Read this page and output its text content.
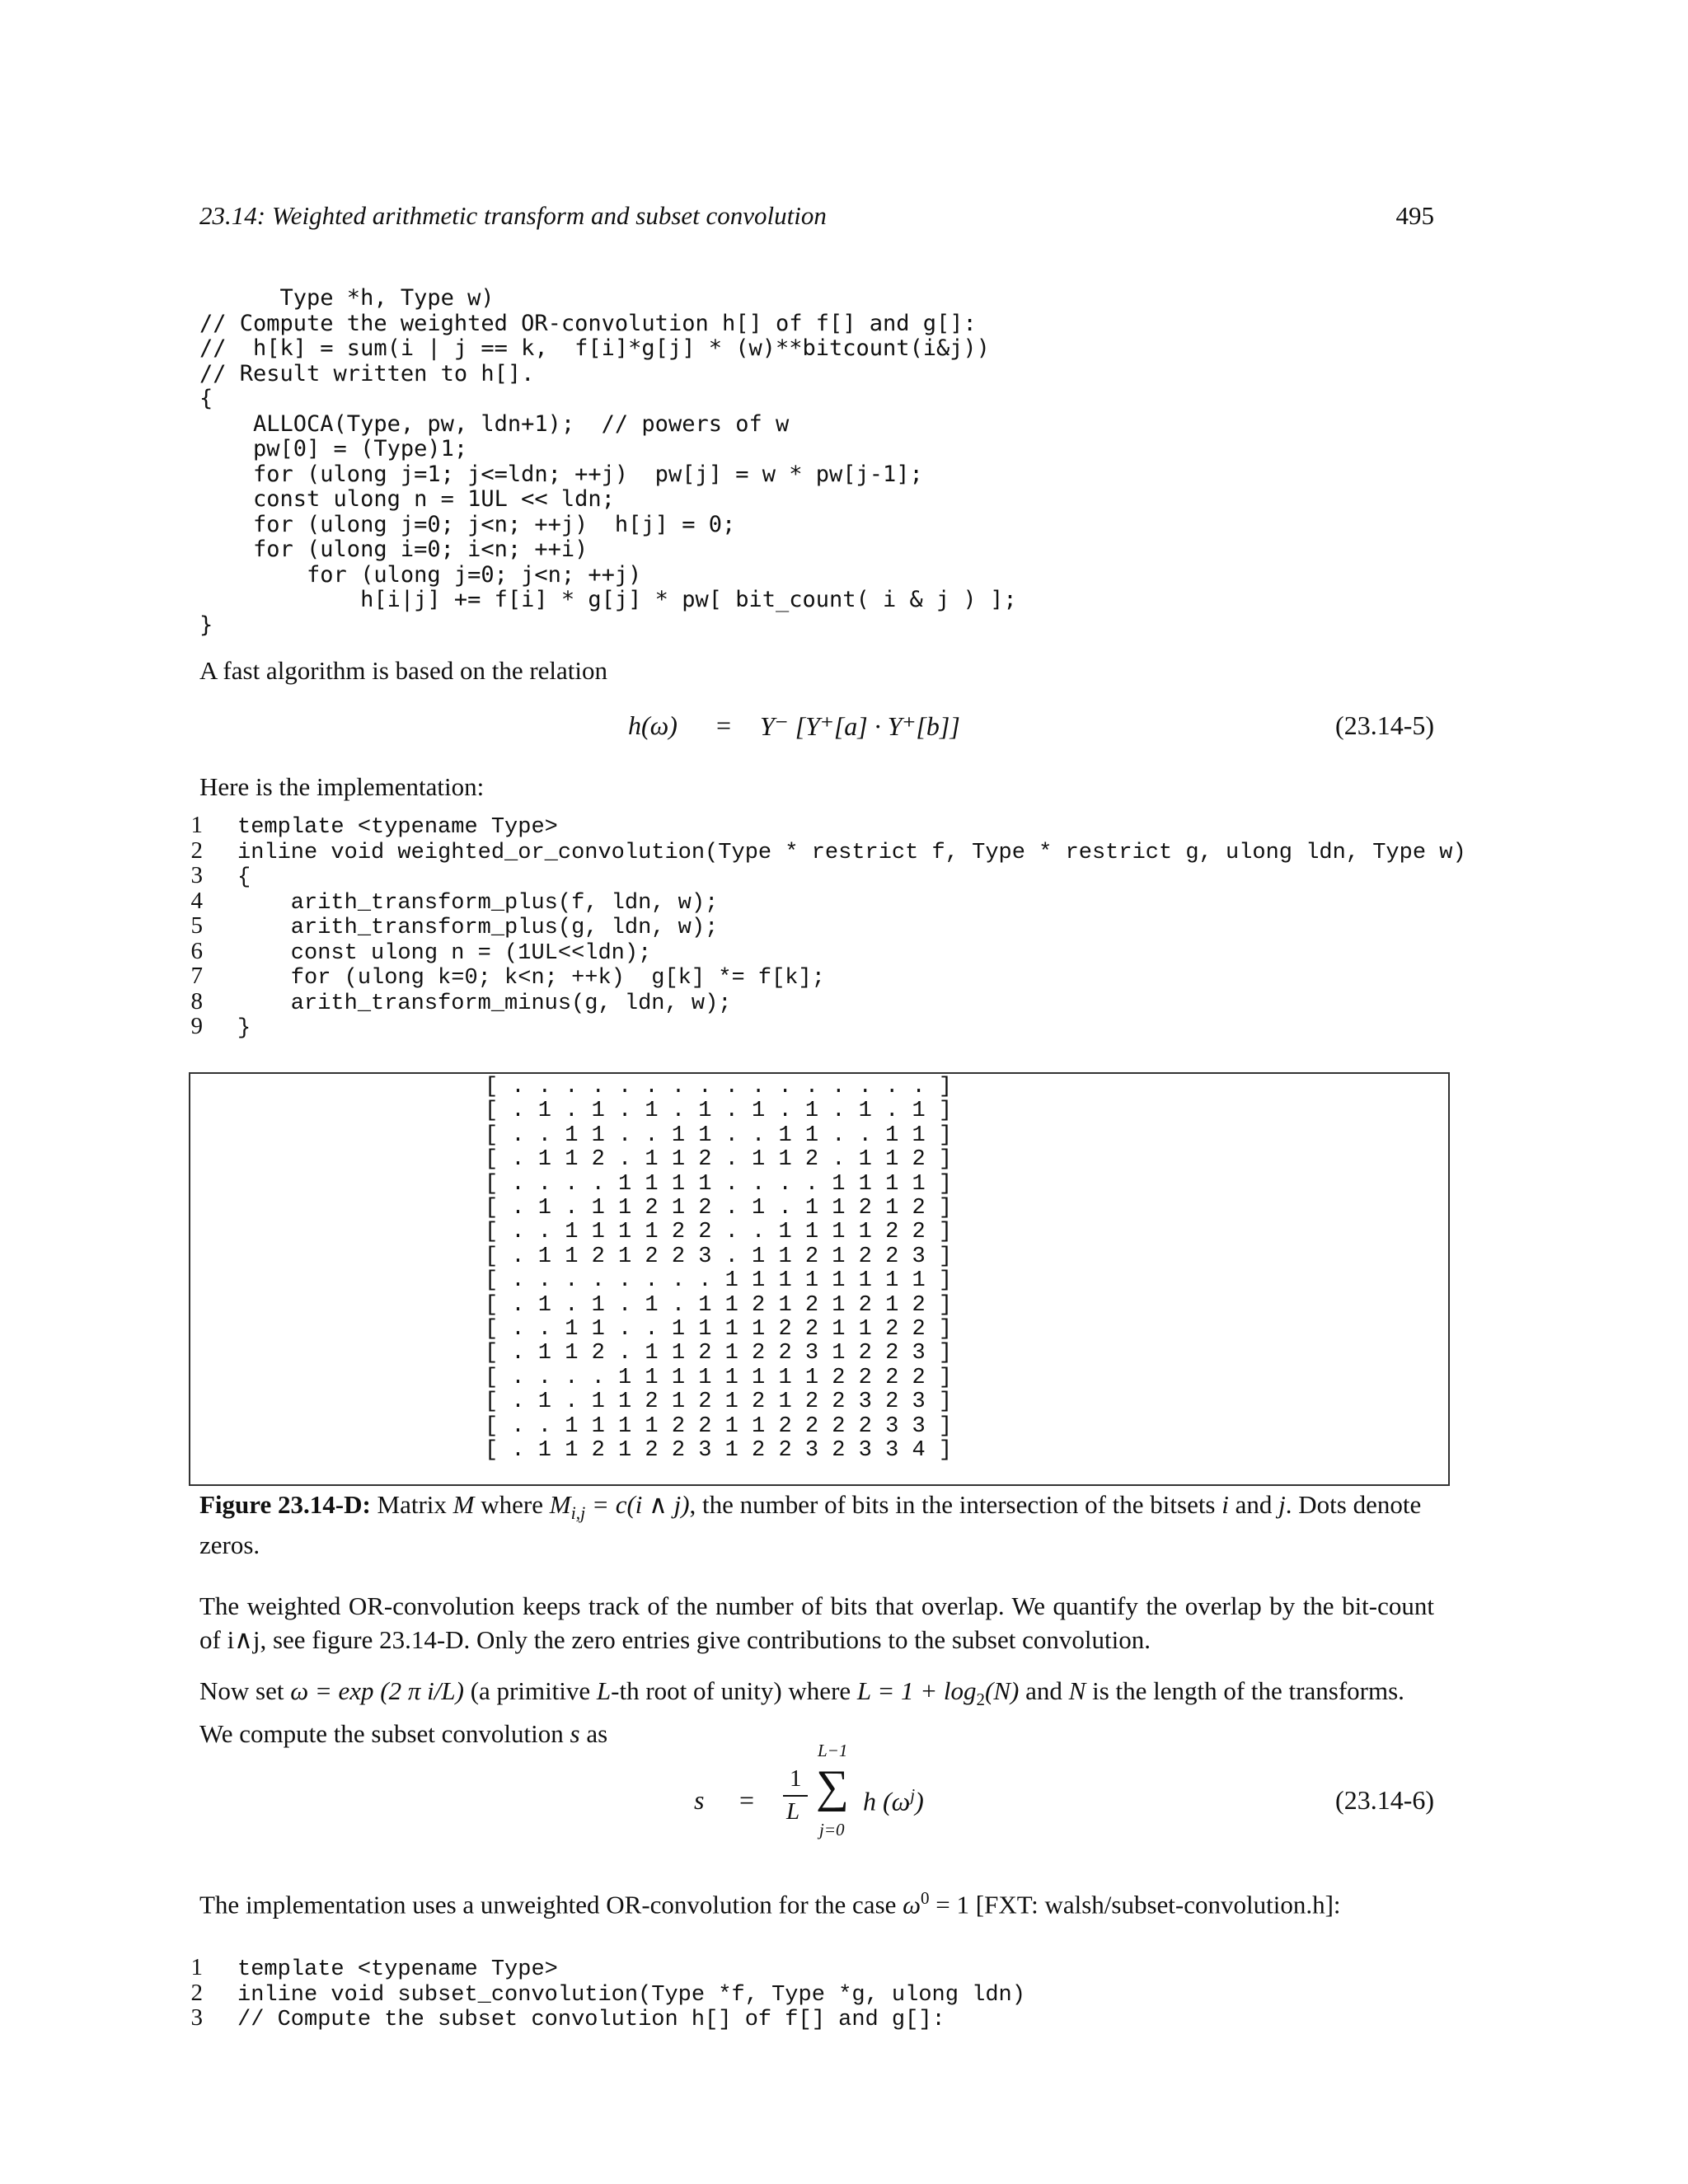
23.14: Weighted arithmetic transform and subset convolution	495
Type *h, Type w)
// Compute the weighted OR-convolution h[] of f[] and g[]:
//  h[k] = sum(i | j == k,  f[i]*g[j] * (w)**bitcount(i&j))
// Result written to h[].
{
ALLOCA(Type, pw, ldn+1);  // powers of w
pw[0] = (Type)1;
for (ulong j=1; j<=ldn; ++j)  pw[j] = w * pw[j-1];
const ulong n = 1UL << ldn;
for (ulong j=0; j<n; ++j)  h[j] = 0;
for (ulong i=0; i<n; ++i)
for (ulong j=0; j<n; ++j)
h[i|j] += f[i] * g[j] * pw[ bit_count( i & j ) ];
}
A fast algorithm is based on the relation
h(ω) = Y⁻ [Y⁺[a] · Y⁺[b]]	(23.14-5)
Here is the implementation:
1 template <typename Type>
2 inline void weighted_or_convolution(Type * restrict f, Type * restrict g, ulong ldn, Type w)
3 {
4    arith_transform_plus(f, ldn, w);
5    arith_transform_plus(g, ldn, w);
6    const ulong n = (1UL<<ldn);
7    for (ulong k=0; k<n; ++k)  g[k] *= f[k];
8    arith_transform_minus(g, ldn, w);
9 }
[ . . . . . . . . . . . . . . . . ]
[ . 1 . 1 . 1 . 1 . 1 . 1 . 1 . 1 ]
[ . . 1 1 . . 1 1 . . 1 1 . . 1 1 ]
[ . 1 1 2 . 1 1 2 . 1 1 2 . 1 1 2 ]
[ . . . . 1 1 1 1 . . . . 1 1 1 1 ]
[ . 1 . 1 1 2 1 2 . 1 . 1 1 2 1 2 ]
[ . . 1 1 1 1 2 2 . . 1 1 1 1 2 2 ]
[ . 1 1 2 1 2 2 3 . 1 1 2 1 2 2 3 ]
[ . . . . . . . . 1 1 1 1 1 1 1 1 ]
[ . 1 . 1 . 1 . 1 1 2 1 2 1 2 1 2 ]
[ . . 1 1 . . 1 1 1 1 2 2 1 1 2 2 ]
[ . 1 1 2 . 1 1 2 1 2 2 3 1 2 2 3 ]
[ . . . . 1 1 1 1 1 1 1 1 2 2 2 2 ]
[ . 1 . 1 1 2 1 2 1 2 1 2 2 3 2 3 ]
[ . . 1 1 1 1 2 2 1 1 2 2 2 2 3 3 ]
[ . 1 1 2 1 2 2 3 1 2 2 3 2 3 3 4 ]
Figure 23.14-D: Matrix M where $M_{i,j} = c(i$ ∧ j), the number of bits in the intersection of the bitsets i and j. Dots denote zeros.
The weighted OR-convolution keeps track of the number of bits that overlap. We quantify the overlap by the bit-count of i∧j, see figure 23.14-D. Only the zero entries give contributions to the subset convolution.
Now set ω = exp (2 π i/L) (a primitive L-th root of unity) where $L = 1 + \log_2(N)$ and N is the length of the transforms. We compute the subset convolution s as
s =
1
L
L−1
∑
j=0
h $(\omega^j)$	(23.14-6)
The implementation uses a unweighted OR-convolution for the case $\omega^0 = 1$ [FXT: walsh/subset-convolution.h]:
1 template <typename Type>
2 inline void subset_convolution(Type *f, Type *g, ulong ldn)
3 // Compute the subset convolution h[] of f[] and g[]:
